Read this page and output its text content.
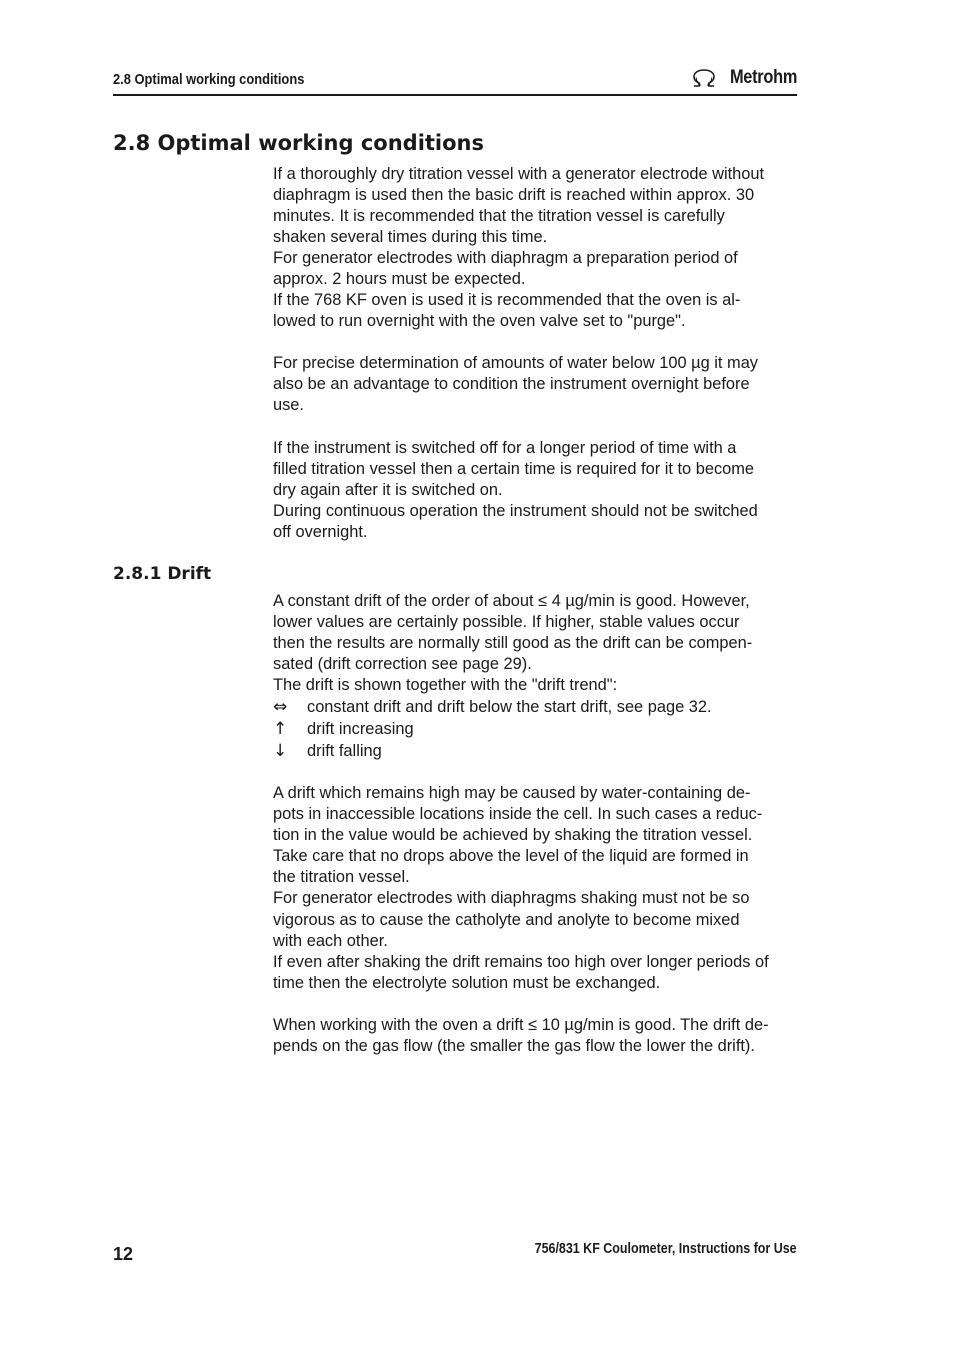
2.8 Optimal working conditions	Metrohm
2.8 Optimal working conditions

If a thoroughly dry titration vessel with a generator electrode without

diaphragm is used then the basic drift is reached within approx. 30

minutes. It is recommended that the titration vessel is carefully

shaken several times during this time.

For generator electrodes with diaphragm a preparation period of

approx. 2 hours must be expected.

If the 768 KF oven is used it is recommended that the oven is al-

lowed to run overnight with the oven valve set to "purge".

For precise determination of amounts of water below 100 µg it may

also be an advantage to condition the instrument overnight before

use.

If the instrument is switched off for a longer period of time with a

filled titration vessel then a certain time is required for it to become

dry again after it is switched on.

During continuous operation the instrument should not be switched

off overnight.

2.8.1 Drift

A constant drift of the order of about ≤ 4 µg/min is good. However,

lower values are certainly possible. If higher, stable values occur

then the results are normally still good as the drift can be compen-

sated (drift correction see page 29).

The drift is shown together with the "drift trend":

⇔	constant drift and drift below the start drift, see page 32.
↑	drift increasing
↓	drift falling

A drift which remains high may be caused by water-containing de-

pots in inaccessible locations inside the cell. In such cases a reduc-

tion in the value would be achieved by shaking the titration vessel.

Take care that no drops above the level of the liquid are formed in

the titration vessel.

For generator electrodes with diaphragms shaking must not be so

vigorous as to cause the catholyte and anolyte to become mixed

with each other.

If even after shaking the drift remains too high over longer periods of

time then the electrolyte solution must be exchanged.

When working with the oven a drift ≤ 10 µg/min is good. The drift de-

pends on the gas flow (the smaller the gas flow the lower the drift).

12	756/831 KF Coulometer, Instructions for Use
